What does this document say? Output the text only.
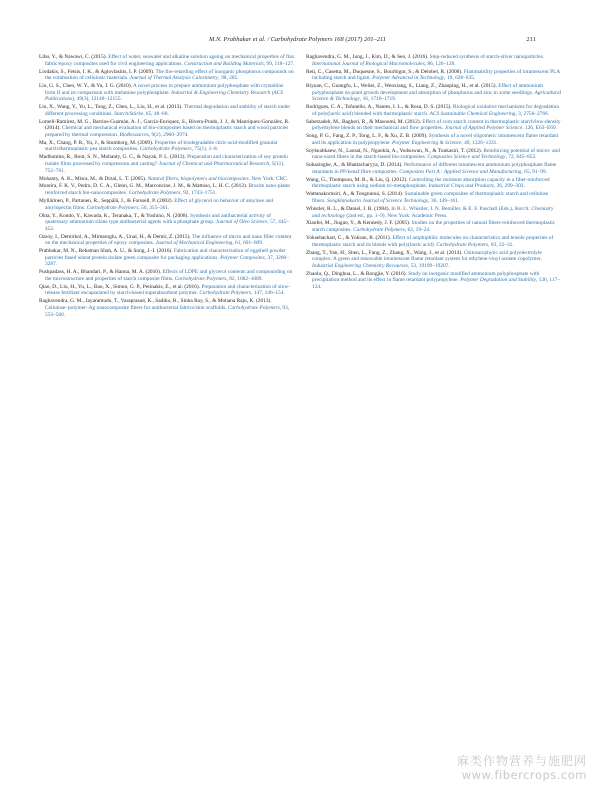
M.N. Prabhakar et al. / Carbohydrate Polymers 168 (2017) 201–211	211

Libo, Y., & Nawawi, C. (2015). Effect of water, seawater and alkaline solution ageing on mechanical properties of flax fabric/epoxy composites used for civil engineering applications. Construction and Building Materials, 99, 118–127.

Liodakis, S., Fetsis, I. K., & Agiovlasitis, I. P. (2009). The fire-retarding effect of inorganic phosphorus compounds on the combustion of cellulosic materials. Journal of Thermal Analysis Calorimetry, 98, 285.

Liu, G. S., Chen, W. Y., & Yu, J. G. (2010). A novel process to prepare ammonium polyphosphate with crystalline form II and its comparison with melamine polyphosphate. Industrial & Engineering Chemistry Research (ACS Publications), 49(3), 12148–12155.

Liu, X., Wang, Y., Yu, L., Tong, Z., Chen, L., Liu, H., et al. (2013). Thermal degradation and stability of starch under different processing conditions. Starch/Stärke, 65, 48–60.

Lomelí-Ramírez, M. G., Barrios-Guzmán, A. J., García-Enriquez, S., Rivera-Prado, J. J., & Manriquez-González, R. (2014). Chemical and mechanical evaluation of bio-composites based on thermoplastic starch and wood particles prepared by thermal compression. BioResources, 9(2), 2960–2974.

Ma, X., Chang, P. R., Yu, J., & Stumborg, M. (2009). Properties of biodegradable citric-acid-modified granular starch/thermoplastic pea starch composites. Carbohydrate Polymers, 75(1), 1–8.

Madhumita, R., Rout, S. N., Mohanty, G. C., & Nayak, P. L. (2013). Preparation and characterization of soy protein isolate films processed by compression and casting? Journal of Chemical and Pharmaceutical Research, 5(11), 752–761.

Mohanty, A. K., Misra, M., & Drzal, L. T. (2005). Natural fibers, biopolymers and biocomposites. New York: CRC.

Moreira, F. K. V., Pedro, D. C. A., Glenn, G. M., Marconcine, J. M., & Mattoso, L. H. C. (2013). Brucite nano-plates reinforced starch bio-nanocomposites. Carbohydrate Polymers, 92, 1743–1751.

Myllärinen, P., Partanen, R., Seppälä, J., & Forssell, P. (2002). Effect of glycerol on behavior of amylose and amylopectin films. Carbohydrate Polymers, 50, 355–361.

Ohta, Y., Kondo, Y., Kawada, K., Teranaka, T., & Yoshino, N. (2008). Synthesis and antibacterial activity of quaternary ammonium silane type antibacterial agents with a phosphate group. Journal of Oleo Science, 57, 445–452.

Ozsoy, I., Demirkol, A., Mimaroglu, A., Unal, H., & Demir, Z. (2015). The influence of micro and nano filler content on the mechanical properties of epoxy composites. Journal of Mechanical Engineering, 61, 601–609.

Prabhakar, M. N., Rehaman Shah, A. U., & Song, J.-I. (2016). Fabrication and characterization of eggshell powder particles fused wheat protein isolate green composite for packaging applications. Polymer Composites, 37, 3280–3287.

Pushpadass, H. A., Bhandari, P., & Hanna, M. A. (2010). Effects of LDPE and glycerol contents and compounding on the microstructure and properties of starch composite films. Carbohydrate Polymers, 82, 1082–1089.

Qiao, D., Liu, H., Yu, L., Bao, X., Simon, G. P., Petinakis, E., et al. (2016). Preparation and characterization of slow-release fertilizer encapsulated by starch-based superabsorbent polymer. Carbohydrate Polymers, 147, 146–154.

Raghavendra, G. M., Jayaramudu, T., Varaprasad, K., Sadiku, R., Sinha Ray, S., & Mohana Raju, K. (2013). Cellulose–polymer–Ag nanocomposite fibers for antibacterial fabrics/skin scaffolds. Carbohydrate Polymers, 93, 553–560.

Raghavendra, G. M., Jung, J., Kim, D., & Seo, J. (2016). Step-reduced synthesis of starch-silver nanoparticles. International Journal of Biological Macromolecules, 86, 126–128.

Reti, C., Casetta, M., Duquesne, S., Bourbigot, S., & Delobel, R. (2008). Flammability properties of intumescent PLA including starch and lignin. Polymer Advanced in Technology, 19, 628–635.

Riyuan, C., Guangfu, L., Weilei, Z., Wenxiang, S., Liang, Z., Zhaoping, H., et al. (2015). Effect of ammonium polyphosphate on plant growth development and absorption of phosphorus and zinc in some seedlings. Agricultural Science & Technology, 16, 1716–1719.

Rodrigues, C. A., Tofanello, A., Nantes, I. L., & Rosa, D. S. (2015). Biological oxidative mechanisms for degradation of poly(lactic acid) blended with thermoplastic starch. ACS Sustainable Chemical Engineering, 3, 2756–2766.

Sabetzadeh, M., Bagheri, R., & Masoomi, M. (2012). Effect of corn starch content in thermoplastic starch/low-density polyethylene blends on their mechanical and flow properties. Journal of Applied Polymer Science, 126, E63–E69.

Song, P. G., Fang, Z. P., Tong, L. F., & Xu, Z. B. (2009). Synthesis of a novel oligomeric intumescent flame retardant and its application in polypropylene. Polymer Engineering & Science, 49, 1326–1331.

Soykeabkaew, N., Laosat, N., Ngaokla, A., Yodsuwan, N., & Tunkasiri, T. (2012). Reinforcing potential of micro- and nano-sized fibers in the starch-based bio-composites. Composites Science and Technology, 72, 845–852.

Subasinghe, A., & Bhattacharyya, D. (2014). Performance of different intumescent ammonium polyphosphate flame retardants in PP/kenaf fibre composites. Composites Part A : Applied Science and Manufacturing, 65, 91–99.

Wang, G., Thompson, M. R., & Liu, Q. (2012). Controlling the moisture absorption capacity in a fiber-reinforced thermoplastic starch using sodium tri-metaphosphate. Industrial Crops and Products, 36, 299–303.

Wattanakornsiri, A., & Tongnunui, S. (2014). Sustainable green composites of thermoplastic starch and cellulose fibers. Songklanakarin Journal of Science Technology, 36, 149–161.

Whistler, R. L., & Daniel, J. R. (1984). In R. L. Whistler, J. N. Bemiller, & E. F. Paschall (Eds.), Starch: Chemistry and technology (2nd ed., pp. 1–9). New York: Academic Press.

Xiaofei, M., Jiugao, Y., & Kennedy, J. F. (2005). Studies on the properties of natural fibers-reinforced thermoplastic starch composites. Carbohydrate Polymers, 62, 19–24.

Yoksehachart, C., & Yoksan, R. (2011). Effect of amphiphilic molecules on characteristics and tensile properties of thermoplastic starch and its blends with poly(lactic acid). Carbohydrate Polymers, 83, 22–31.

Zhang, T., Yan, H., Shen, L., Fang, Z., Zhang, X., Wang, J., et al. (2014). Chitosan/phytic acid polyelectrolyte complex: A green and renewable intumescent flame retardant system for ethylene-vinyl acetate copolymer. Industrial Engineering Chemistry Recourses, 53, 19199–19207.

Zhaolu, Q., Dinghua, L., & Rongjie, Y. (2016). Study on inorganic modified ammonium polyphosphate with precipitation method and its effect in flame retardant polypropylene. Polymer Degradation and Stability, 126, 117–124.

麻类作物营养与施肥网
www.fibercrops.com
